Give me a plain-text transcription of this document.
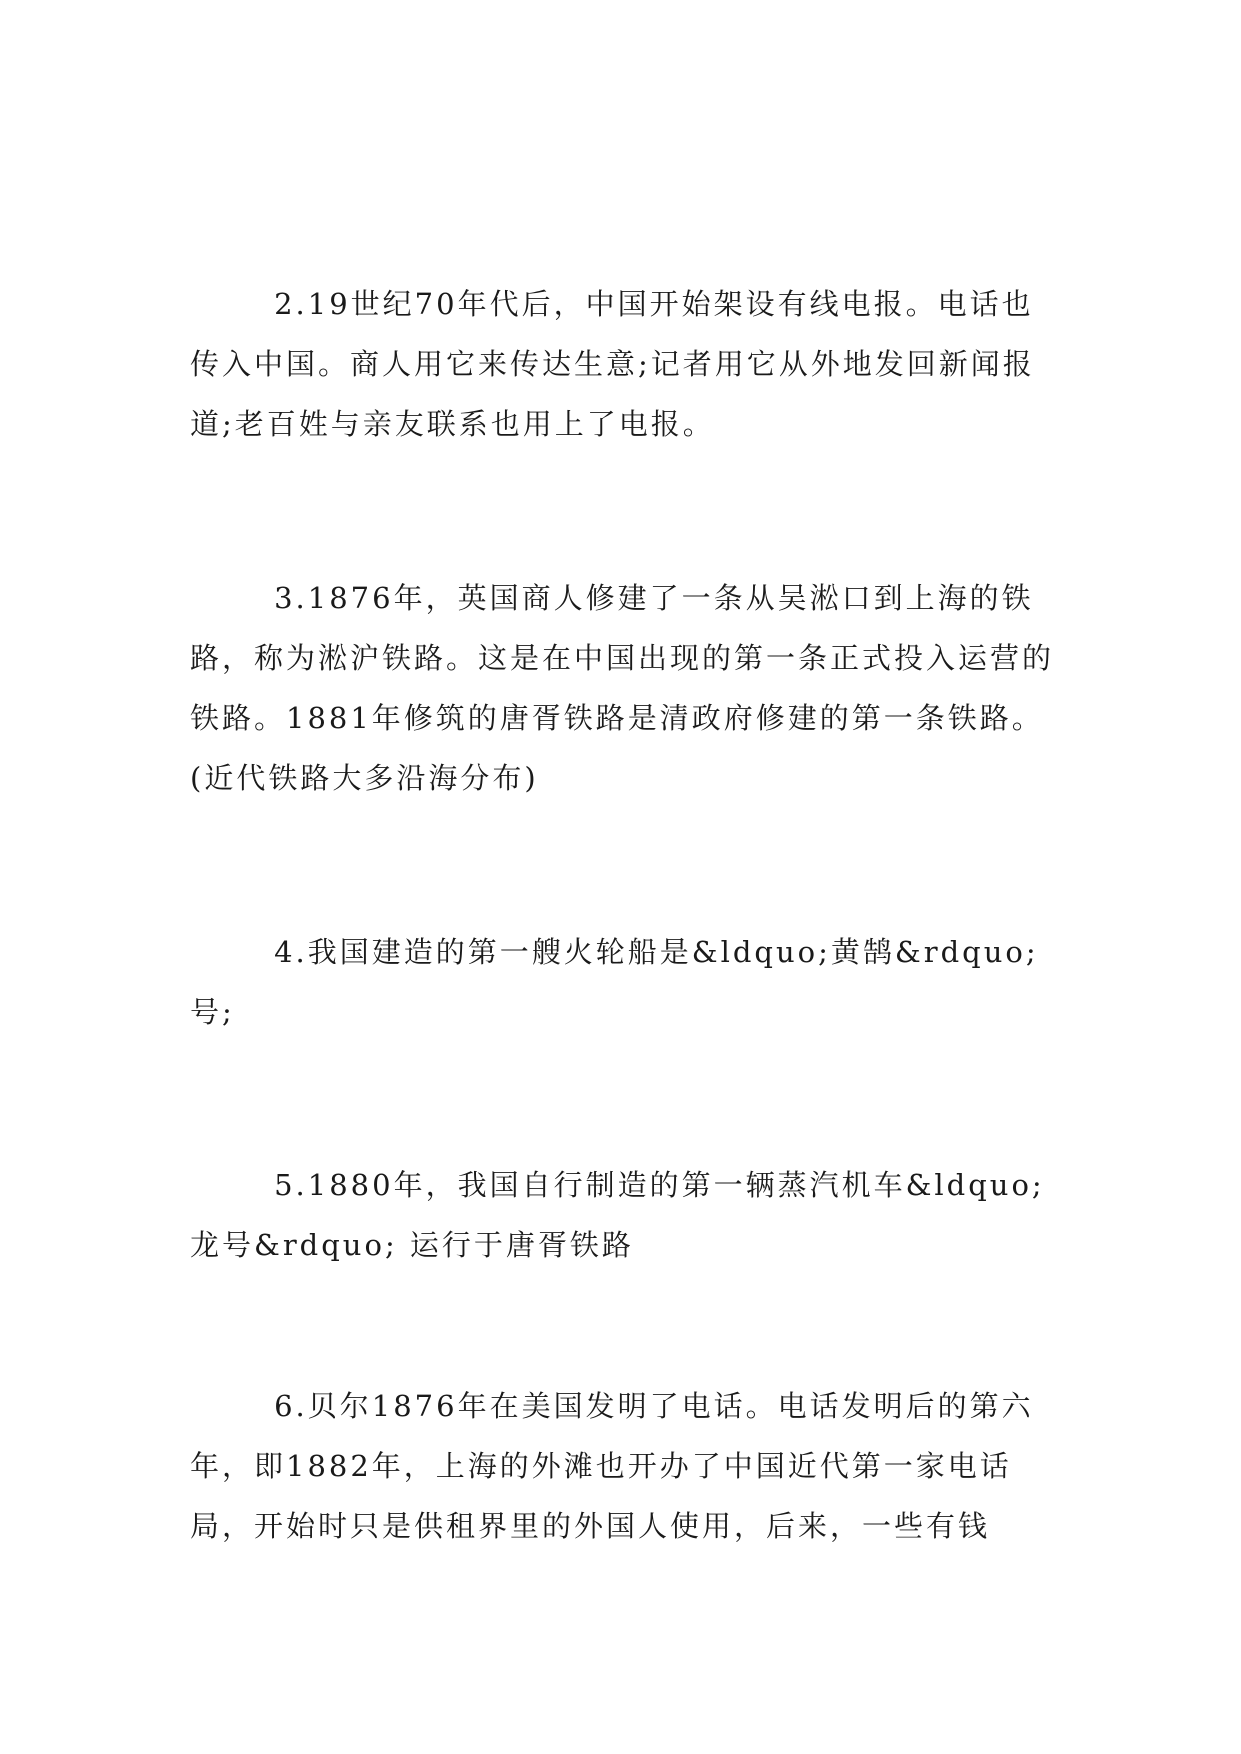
2.19世纪70年代后，中国开始架设有线电报。电话也传入中国。商人用它来传达生意;记者用它从外地发回新闻报道;老百姓与亲友联系也用上了电报。

3.1876年，英国商人修建了一条从吴淞口到上海的铁路，称为淞沪铁路。这是在中国出现的第一条正式投入运营的铁路。1881年修筑的唐胥铁路是清政府修建的第一条铁路。(近代铁路大多沿海分布)

4.我国建造的第一艘火轮船是&ldquo;黄鹄&rdquo;号;

5.1880年，我国自行制造的第一辆蒸汽机车&ldquo;龙号&rdquo; 运行于唐胥铁路

6.贝尔1876年在美国发明了电话。电话发明后的第六年，即1882年，上海的外滩也开办了中国近代第一家电话局，开始时只是供租界里的外国人使用，后来，一些有钱
